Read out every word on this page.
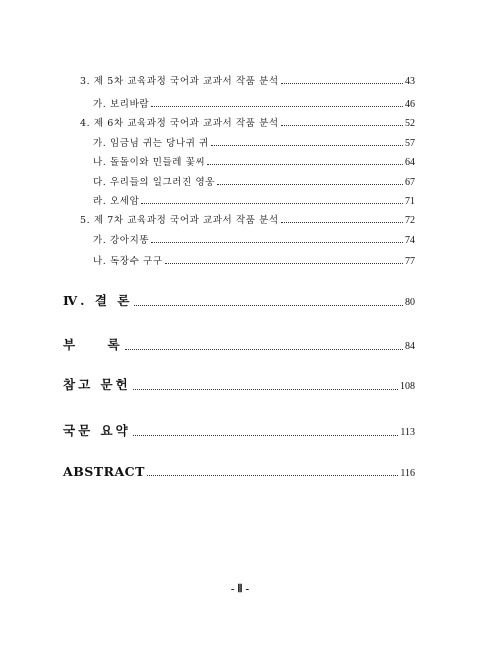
3. 제 5차 교육과정 국어과 교과서 작품 분석	43
가. 보리바람	46
4. 제 6차 교육과정 국어과 교과서 작품 분석	52
가. 임금님 귀는 당나귀 귀	57
나. 돌돌이와 민들레 꽃씨	64
다. 우리들의 일그러진 영웅	67
라. 오세암	71
5. 제 7차 교육과정 국어과 교과서 작품 분석	72
가. 강아지똥	74
나. 독장수 구구	77
Ⅳ. 결 론	80
부    록	84
참고 문헌	108
국문 요약	113
ABSTRACT	116
- Ⅱ -
